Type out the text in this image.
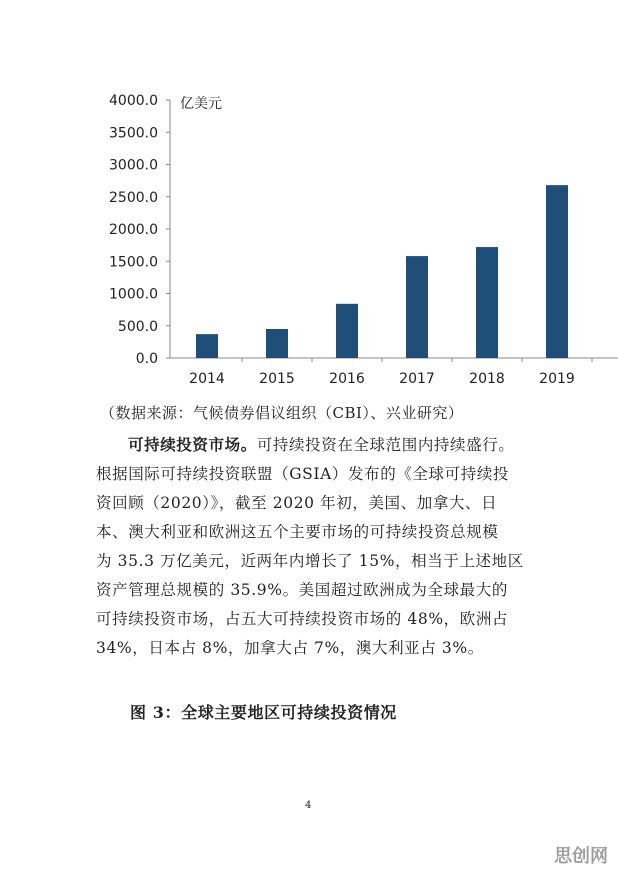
亿美元
4000.0
3500.0
3000.0
2500.0
2000.0
1500.0
1000.0
500.0
0.0
2014 2015 2016 2017 2018 2019
（数据来源：气候债券倡议组织（CBI）、兴业研究）
可持续投资市场。可持续投资在全球范围内持续盛行。
根据国际可持续投资联盟（GSIA）发布的《全球可持续投
资回顾（2020）》，截至 2020 年初，美国、加拿大、日
本、澳大利亚和欧洲这五个主要市场的可持续投资总规模
为 35.3 万亿美元，近两年内增长了 15%，相当于上述地区
资产管理总规模的 35.9%。美国超过欧洲成为全球最大的
可持续投资市场，占五大可持续投资市场的 48%，欧洲占
34%，日本占 8%，加拿大占 7%，澳大利亚占 3%。
图 3：全球主要地区可持续投资情况
4
思创网
